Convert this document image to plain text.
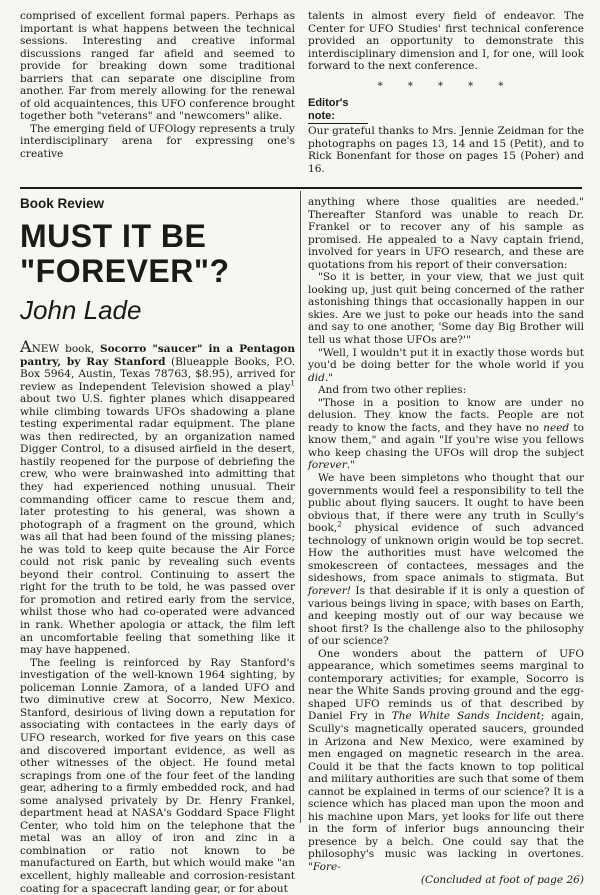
comprised of excellent formal papers. Perhaps as important is what happens between the technical sessions. Interesting and creative informal discussions ranged far afield and seemed to provide for breaking down some traditional barriers that can separate one discipline from another. Far from merely allowing for the renewal of old acquaintences, this UFO conference brought together both "veterans" and "newcomers" alike.

The emerging field of UFOlogy represents a truly interdisciplinary arena for expressing one's creative

talents in almost every field of endeavor. The Center for UFO Studies' first technical conference provided an opportunity to demonstrate this interdisciplinary dimension and I, for one, will look forward to the next conference.

* * * * *

Editor's note:

Our grateful thanks to Mrs. Jennie Zeidman for the photographs on pages 13, 14 and 15 (Petit), and to Rick Bonenfant for those on pages 15 (Poher) and 16.

Book Review

MUST IT BE
"FOREVER"?

John Lade

ANEW book, Socorro "saucer" in a Pentagon pantry, by Ray Stanford (Blueapple Books, P.O. Box 5964, Austin, Texas 78763, $8.95), arrived for review as Independent Television showed a play$^1$ about two U.S. fighter planes which disappeared while climbing towards UFOs shadowing a plane testing experimental radar equipment. The plane was then redirected, by an organization named Digger Control, to a disused airfield in the desert, hastily reopened for the purpose of debriefing the crew, who were brainwashed into admitting that they had experienced nothing unusual. Their commanding officer came to rescue them and, later protesting to his general, was shown a photograph of a fragment on the ground, which was all that had been found of the missing planes; he was told to keep quite because the Air Force could not risk panic by revealing such events beyond their control. Continuing to assert the right for the truth to be told, he was passed over for promotion and retired early from the service, whilst those who had co-operated were advanced in rank. Whether apologia or attack, the film left an uncomfortable feeling that something like it may have happened.

The feeling is reinforced by Ray Stanford's investigation of the well-known 1964 sighting, by policeman Lonnie Zamora, of a landed UFO and two diminutive crew at Socorro, New Mexico. Stanford, desirious of living down a reputation for associating with contactees in the early days of UFO research, worked for five years on this case and discovered important evidence, as well as other witnesses of the object. He found metal scrapings from one of the four feet of the landing gear, adhering to a firmly embedded rock, and had some analysed privately by Dr. Henry Frankel, department head at NASA's Goddard Space Flight Center, who told him on the telephone that the metal was an alloy of iron and zinc in a combination or ratio not known to be manufactured on Earth, but which would make "an excellent, highly malleable and corrosion-resistant coating for a spacecraft landing gear, or for about

anything where those qualities are needed." Thereafter Stanford was unable to reach Dr. Frankel or to recover any of his sample as promised. He appealed to a Navy captain friend, involved for years in UFO research, and these are quotations from his report of their conversation:

"So it is better, in your view, that we just quit looking up, just quit being concerned of the rather astonishing things that occasionally happen in our skies. Are we just to poke our heads into the sand and say to one another, 'Some day Big Brother will tell us what those UFOs are?'"

"Well, I wouldn't put it in exactly those words but you'd be doing better for the whole world if you did."

And from two other replies:

"Those in a position to know are under no delusion. They know the facts. People are not ready to know the facts, and they have no need to know them," and again "If you're wise you fellows who keep chasing the UFOs will drop the subject forever."

We have been simpletons who thought that our governments would feel a responsibility to tell the public about flying saucers. It ought to have been obvious that, if there were any truth in Scully's book,$^2$ physical evidence of such advanced technology of unknown origin would be top secret. How the authorities must have welcomed the smokescreen of contactees, messages and the sideshows, from space animals to stigmata. But forever! Is that desirable if it is only a question of various beings living in space, with bases on Earth, and keeping mostly out of our way because we shoot first? Is the challenge also to the philosophy of our science?

One wonders about the pattern of UFO appearance, which sometimes seems marginal to contemporary activities; for example, Socorro is near the White Sands proving ground and the egg-shaped UFO reminds us of that described by Daniel Fry in The White Sands Incident; again, Scully's magnetically operated saucers, grounded in Arizona and New Mexico, were examined by men engaged on magnetic research in the area. Could it be that the facts known to top political and military authorities are such that some of them cannot be explained in terms of our science? It is a science which has placed man upon the moon and his machine upon Mars, yet looks for life out there in the form of inferior bugs announcing their presence by a belch. One could say that the philosophy's music was lacking in overtones. "Fore-

(Concluded at foot of page 26)
